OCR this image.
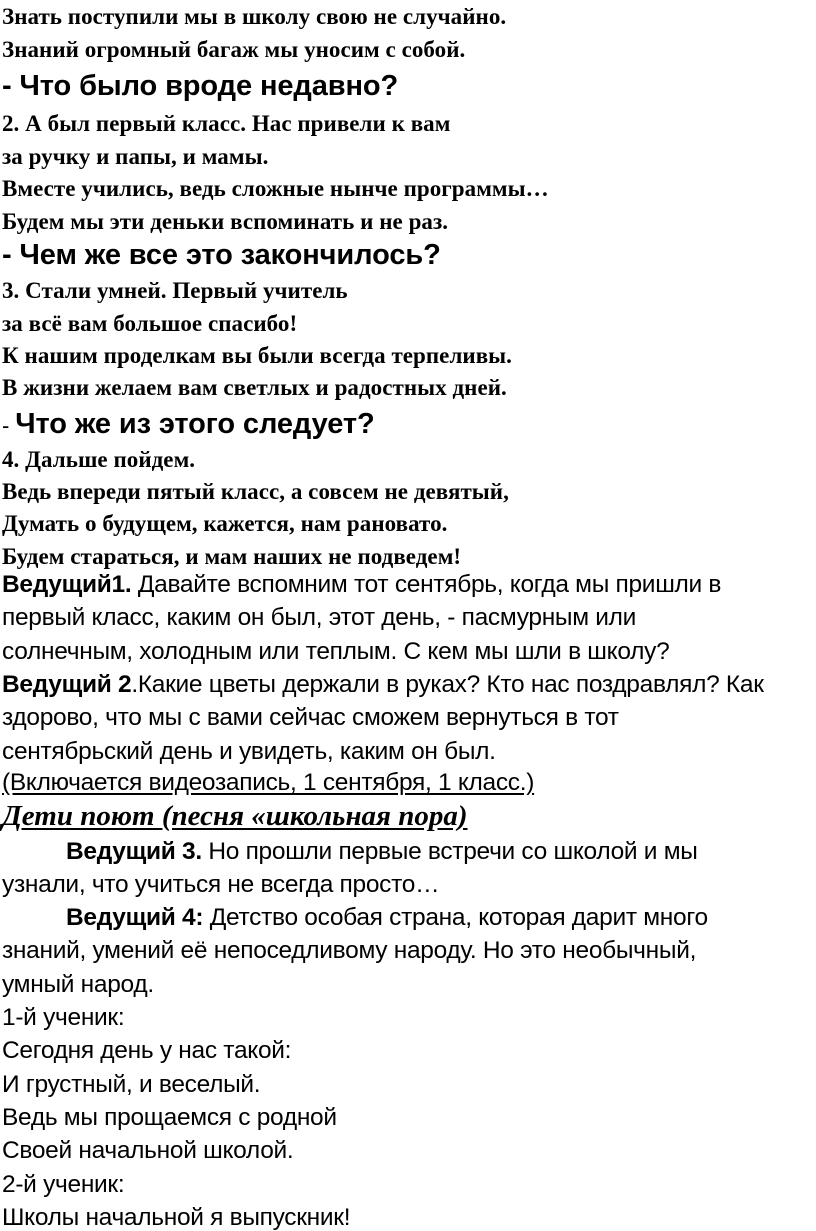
Знать поступили мы в школу свою не случайно.

Знаний огромный багаж мы уносим с собой.

- Что было вроде недавно?

2. А был первый класс. Нас привели к вам

за ручку и папы, и мамы.

Вместе учились, ведь сложные нынче программы…

Будем мы эти деньки вспоминать и не раз.

- Чем же все это закончилось?

3. Стали умней. Первый учитель

за всё вам большое спасибо!

К нашим проделкам вы были всегда терпеливы.

В жизни желаем вам светлых и радостных дней.

- Что же из этого следует?

4. Дальше пойдем.

Ведь впереди пятый класс, а совсем не девятый,

Думать о будущем, кажется, нам рановато.

Будем стараться, и мам наших не подведем!

Ведущий1. Давайте вспомним тот сентябрь, когда мы пришли в

первый класс, каким он был, этот день, - пасмурным или

солнечным, холодным или теплым. С кем мы шли в школу?

Ведущий 2.Какие цветы держали в руках? Кто нас поздравлял? Как

здорово, что мы с вами сейчас сможем вернуться в тот

сентябрьский день и увидеть, каким он был.

(Включается видеозапись, 1 сентября, 1 класс.)

Дети поют (песня «школьная пора)

Ведущий 3. Но прошли первые встречи со школой и мы

узнали, что учиться не всегда просто…

Ведущий 4: Детство особая страна, которая дарит много

знаний, умений её непоседливому народу. Но это необычный,

умный народ.

1-й ученик:

Сегодня день у нас такой:

И грустный, и веселый.

Ведь мы прощаемся с родной

Своей начальной школой.

2-й ученик:

Школы начальной я выпускник!
